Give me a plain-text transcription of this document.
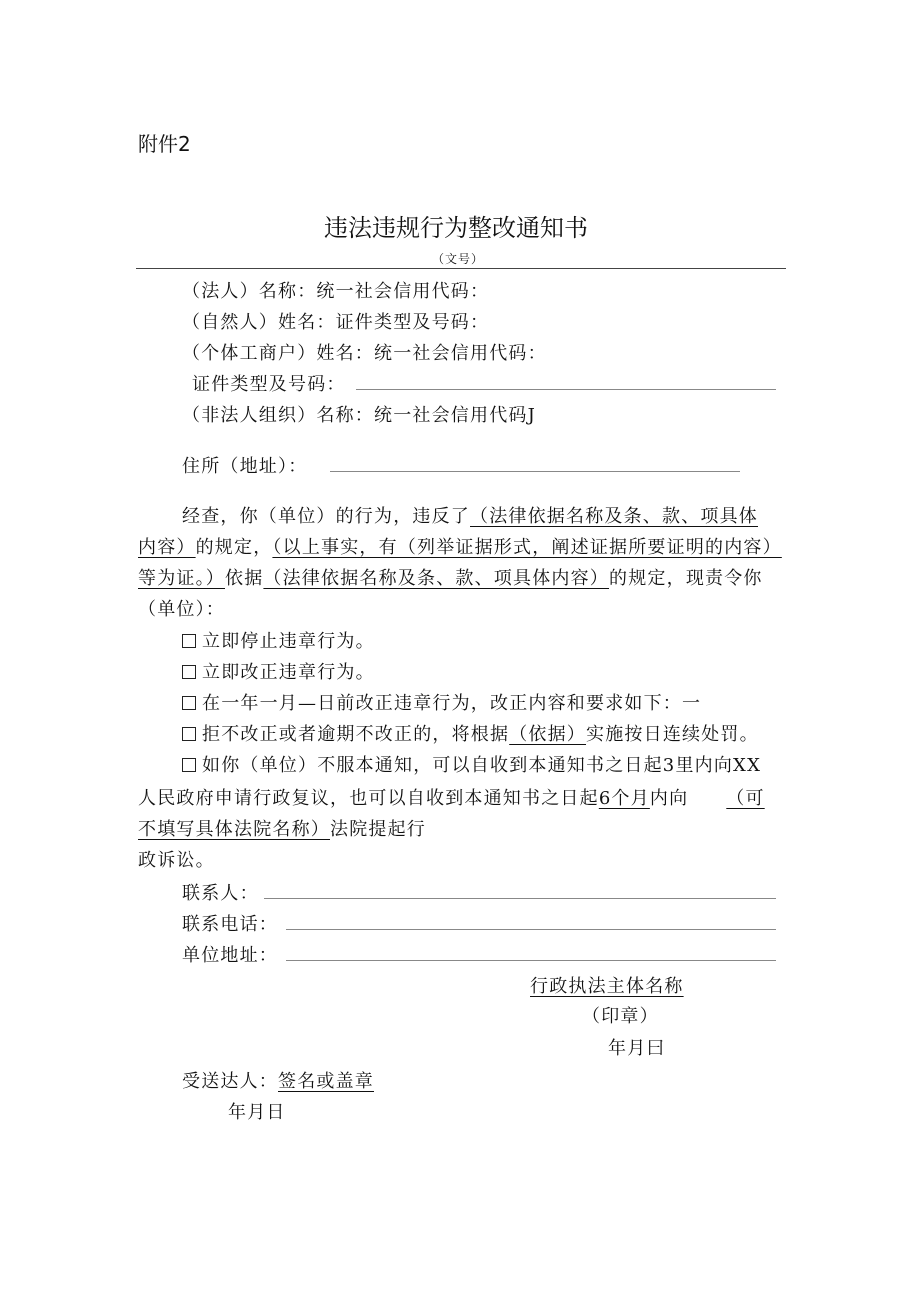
附件2
违法违规行为整改通知书
（文号）
（法人）名称：统一社会信用代码：
（自然人）姓名：证件类型及号码：
（个体工商户）姓名：统一社会信用代码：
证件类型及号码：
（非法人组织）名称：统一社会信用代码J
住所（地址）：
经查，你（单位）的行为，违反了（法律依据名称及条、款、项具体
内容）的规定，（以上事实，有（列举证据形式，阐述证据所要证明的内容）
等为证。）依据（法律依据名称及条、款、项具体内容）的规定，现责令你
（单位）：
立即停止违章行为。
立即改正违章行为。
在一年一月—日前改正违章行为，改正内容和要求如下：一
拒不改正或者逾期不改正的，将根据（依据）实施按日连续处罚。
如你（单位）不服本通知，可以自收到本通知书之日起3里内向XX
人民政府申请行政复议，也可以自收到本通知书之日起6个月内向 （可
不填写具体法院名称）法院提起行
政诉讼。
联系人：
联系电话：
单位地址：
行政执法主体名称
（印章）
年月曰
受送达人：签名或盖章
年月日
